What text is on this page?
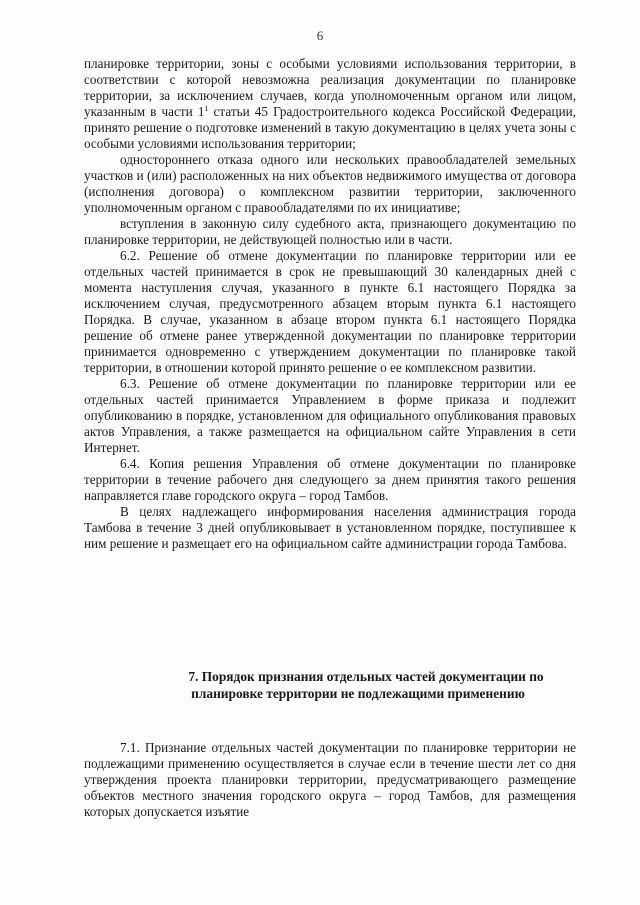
6

планировке территории, зоны с особыми условиями использования территории, в соответствии с которой невозможна реализация документации по планировке территории, за исключением случаев, когда уполномоченным органом или лицом, указанным в части $1^1$ статьи 45 Градостроительного кодекса Российской Федерации, принято решение о подготовке изменений в такую документацию в целях учета зоны с особыми условиями использования территории;

одностороннего отказа одного или нескольких правообладателей земельных участков и (или) расположенных на них объектов недвижимого имущества от договора (исполнения договора) о комплексном развитии территории, заключенного уполномоченным органом с правообладателями по их инициативе;

вступления в законную силу судебного акта, признающего документацию по планировке территории, не действующей полностью или в части.

6.2. Решение об отмене документации по планировке территории или ее отдельных частей принимается в срок не превышающий 30 календарных дней с момента наступления случая, указанного в пункте 6.1 настоящего Порядка за исключением случая, предусмотренного абзацем вторым пункта 6.1 настоящего Порядка. В случае, указанном в абзаце втором пункта 6.1 настоящего Порядка решение об отмене ранее утвержденной документации по планировке территории принимается одновременно с утверждением документации по планировке такой территории, в отношении которой принято решение о ее комплексном развитии.

6.3. Решение об отмене документации по планировке территории или ее отдельных частей принимается Управлением в форме приказа и подлежит опубликованию в порядке, установленном для официального опубликования правовых актов Управления, а также размещается на официальном сайте Управления в сети Интернет.

6.4. Копия решения Управления об отмене документации по планировке территории в течение рабочего дня следующего за днем принятия такого решения направляется главе городского округа – город Тамбов.

В целях надлежащего информирования населения администрация города Тамбова в течение 3 дней опубликовывает в установленном порядке, поступившее к ним решение и размещает его на официальном сайте администрации города Тамбова.

7. Порядок признания отдельных частей документации по
планировке территории не подлежащими применению

7.1. Признание отдельных частей документации по планировке территории не подлежащими применению осуществляется в случае если в течение шести лет со дня утверждения проекта планировки территории, предусматривающего размещение объектов местного значения городского округа – город Тамбов, для размещения которых допускается изъятие
